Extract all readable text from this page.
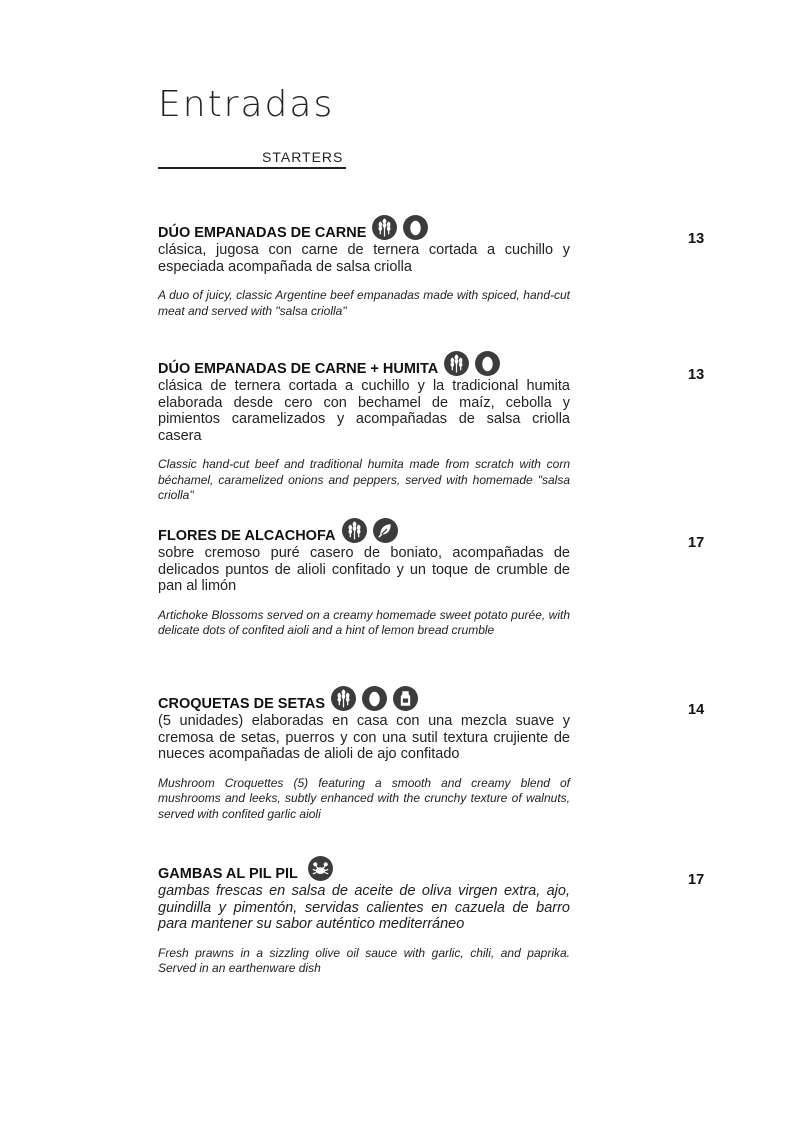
Entradas
STARTERS
DÚO EMPANADAS DE CARNE

clásica, jugosa con carne de ternera cortada a cuchillo y especiada acompañada de salsa criolla

A duo of juicy, classic Argentine beef empanadas made with spiced, hand-cut meat and served with "salsa criolla"

13
DÚO EMPANADAS DE CARNE + HUMITA

clásica de ternera cortada a cuchillo y la tradicional humita elaborada desde cero con bechamel de maíz, cebolla y pimientos caramelizados y acompañadas de salsa criolla casera

Classic hand-cut beef and traditional humita made from scratch with corn béchamel, caramelized onions and peppers, served with homemade "salsa criolla"

13
FLORES DE ALCACHOFA

sobre cremoso puré casero de boniato, acompañadas de delicados puntos de alioli confitado y un toque de crumble de pan al limón

Artichoke Blossoms served on a creamy homemade sweet potato purée, with delicate dots of confited aioli and a hint of lemon bread crumble

17
CROQUETAS DE SETAS

(5 unidades) elaboradas en casa con una mezcla suave y cremosa de setas, puerros y con una sutil textura crujiente de nueces acompañadas de alioli de ajo confitado

Mushroom Croquettes (5) featuring a smooth and creamy blend of mushrooms and leeks, subtly enhanced with the crunchy texture of walnuts, served with confited garlic aioli

14
GAMBAS AL PIL PIL

gambas frescas en salsa de aceite de oliva virgen extra, ajo, guindilla y pimentón, servidas calientes en cazuela de barro para mantener su sabor auténtico mediterráneo

Fresh prawns in a sizzling olive oil sauce with garlic, chili, and paprika. Served in an earthenware dish

17
